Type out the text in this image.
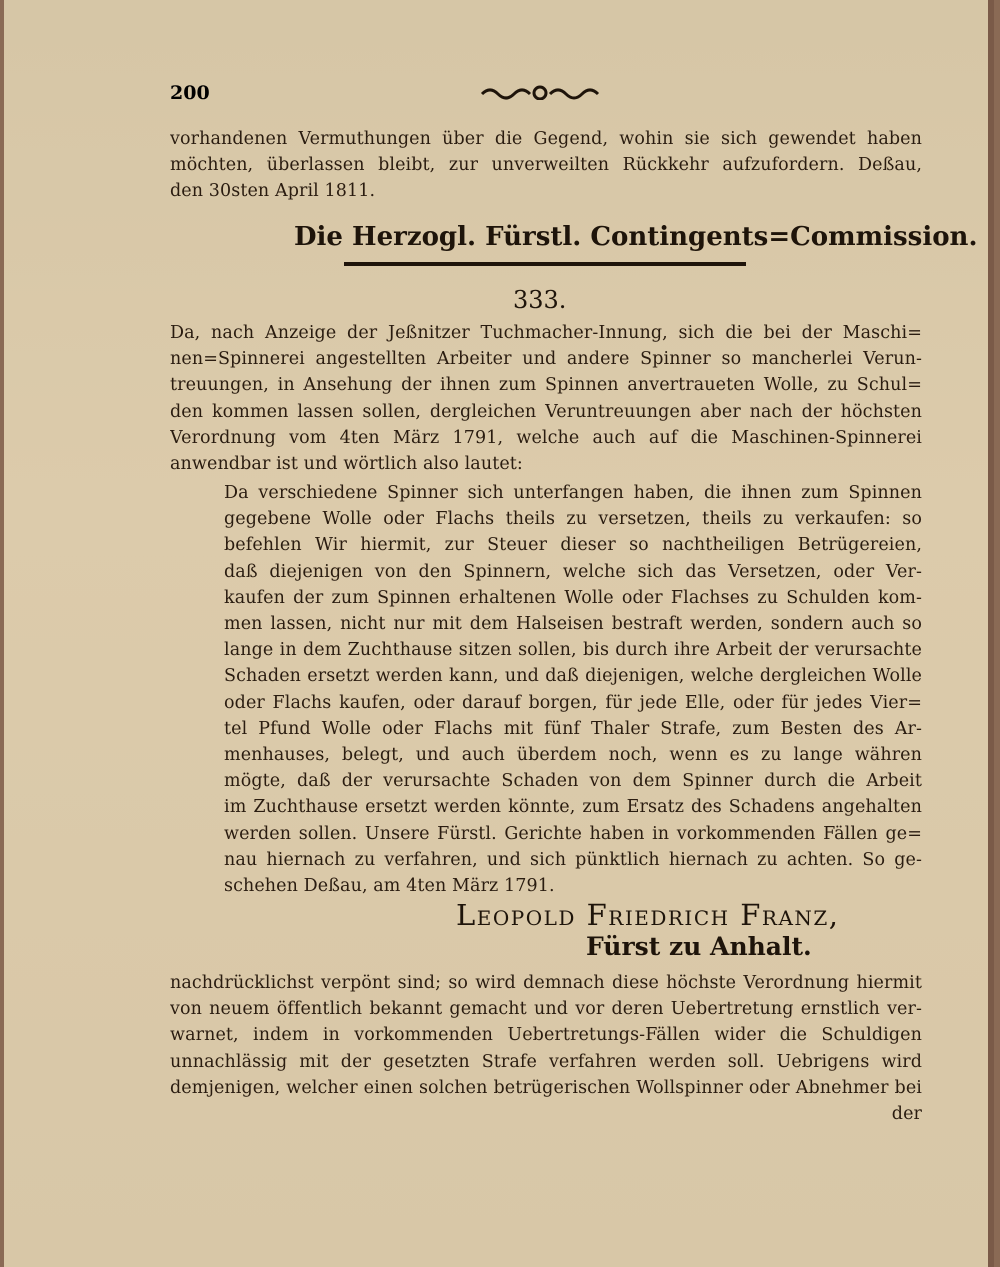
200
vorhandenen Vermuthungen über die Gegend, wohin sie sich gewendet haben
möchten, überlassen bleibt, zur unverweilten Rückkehr aufzufordern. Deßau,
den 30sten April 1811.
Die Herzogl. Fürstl. Contingents=Commission.
333.
Da, nach Anzeige der Jeßnitzer Tuchmacher-Innung, sich die bei der Maschi=
nen=Spinnerei angestellten Arbeiter und andere Spinner so mancherlei Verun-
treuungen, in Ansehung der ihnen zum Spinnen anvertraueten Wolle, zu Schul=
den kommen lassen sollen, dergleichen Veruntreuungen aber nach der höchsten
Verordnung vom 4ten März 1791, welche auch auf die Maschinen-Spinnerei
anwendbar ist und wörtlich also lautet:
Da verschiedene Spinner sich unterfangen haben, die ihnen zum Spinnen
gegebene Wolle oder Flachs theils zu versetzen, theils zu verkaufen: so
befehlen Wir hiermit, zur Steuer dieser so nachtheiligen Betrügereien,
daß diejenigen von den Spinnern, welche sich das Versetzen, oder Ver-
kaufen der zum Spinnen erhaltenen Wolle oder Flachses zu Schulden kom-
men lassen, nicht nur mit dem Halseisen bestraft werden, sondern auch so
lange in dem Zuchthause sitzen sollen, bis durch ihre Arbeit der verursachte
Schaden ersetzt werden kann, und daß diejenigen, welche dergleichen Wolle
oder Flachs kaufen, oder darauf borgen, für jede Elle, oder für jedes Vier=
tel Pfund Wolle oder Flachs mit fünf Thaler Strafe, zum Besten des Ar-
menhauses, belegt, und auch überdem noch, wenn es zu lange währen
mögte, daß der verursachte Schaden von dem Spinner durch die Arbeit
im Zuchthause ersetzt werden könnte, zum Ersatz des Schadens angehalten
werden sollen. Unsere Fürstl. Gerichte haben in vorkommenden Fällen ge=
nau hiernach zu verfahren, und sich pünktlich hiernach zu achten. So ge-
schehen Deßau, am 4ten März 1791.
Leopold Friedrich Franz,
Fürst zu Anhalt.
nachdrücklichst verpönt sind; so wird demnach diese höchste Verordnung hiermit
von neuem öffentlich bekannt gemacht und vor deren Uebertretung ernstlich ver-
warnet, indem in vorkommenden Uebertretungs-Fällen wider die Schuldigen
unnachlässig mit der gesetzten Strafe verfahren werden soll. Uebrigens wird
demjenigen, welcher einen solchen betrügerischen Wollspinner oder Abnehmer bei
der
